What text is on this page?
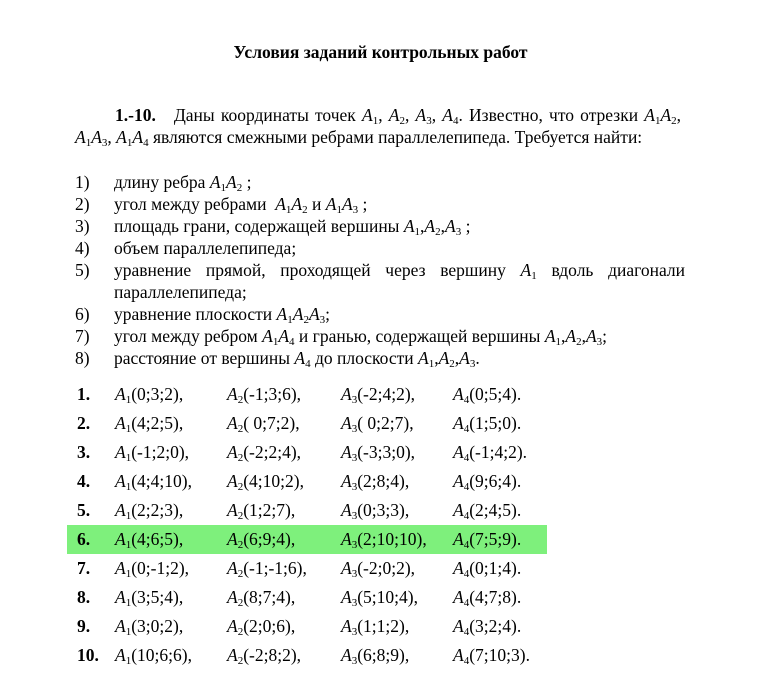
Условия заданий контрольных работ
1.-10. Даны координаты точек $A_1$, $A_2$, $A_3$, $A_4$. Известно, что отрезки $A_1A_2$, $A_1A_3$, $A_1A_4$ являются смежными ребрами параллелепипеда. Требуется найти:
1)	длину ребра $A_1A_2$ ;
2)	угол между ребрами $A_1A_2$ и $A_1A_3$ ;
3)	площадь грани, содержащей вершины $A_1,A_2,A_3$ ;
4)	объем параллелепипеда;
5)	уравнение прямой, проходящей через вершину $A_1$ вдоль диагонали параллелепипеда;
6)	уравнение плоскости $A_1A_2A_3$;
7)	угол между ребром $A_1A_4$ и гранью, содержащей вершины $A_1,A_2,A_3$;
8)	расстояние от вершины $A_4$ до плоскости $A_1,A_2,A_3$.
1. $A_1(0;3;2)$,	$A_2(-1;3;6)$, $A_3(-2;4;2)$, $A_4(0;5;4)$.
2. $A_1(4;2;5)$,	$A_2$( 0;7;2), $A_3$( 0;2;7), $A_4(1;5;0)$.
3. $A_1(-1;2;0)$, $A_2(-2;2;4)$, $A_3(-3;3;0)$, $A_4(-1;4;2)$.
4. $A_1(4;4;10)$, $A_2(4;10;2)$, $A_3(2;8;4)$,	$A_4(9;6;4)$.
5. $A_1(2;2;3)$,	$A_2(1;2;7)$,	$A_3(0;3;3)$,	$A_4(2;4;5)$.
6. $A_1(4;6;5)$,	$A_2(6;9;4)$,	$A_3(2;10;10)$, $A_4(7;5;9)$.
7. $A_1(0;-1;2)$, $A_2(-1;-1;6)$, $A_3(-2;0;2)$, $A_4(0;1;4)$.
8. $A_1(3;5;4)$,	$A_2(8;7;4)$,	$A_3(5;10;4)$, $A_4(4;7;8)$.
9. $A_1(3;0;2)$,	$A_2(2;0;6)$,	$A_3(1;1;2)$,	$A_4(3;2;4)$.
10. $A_1(10;6;6)$, $A_2(-2;8;2)$, $A_3(6;8;9)$,	$A_4(7;10;3)$.
